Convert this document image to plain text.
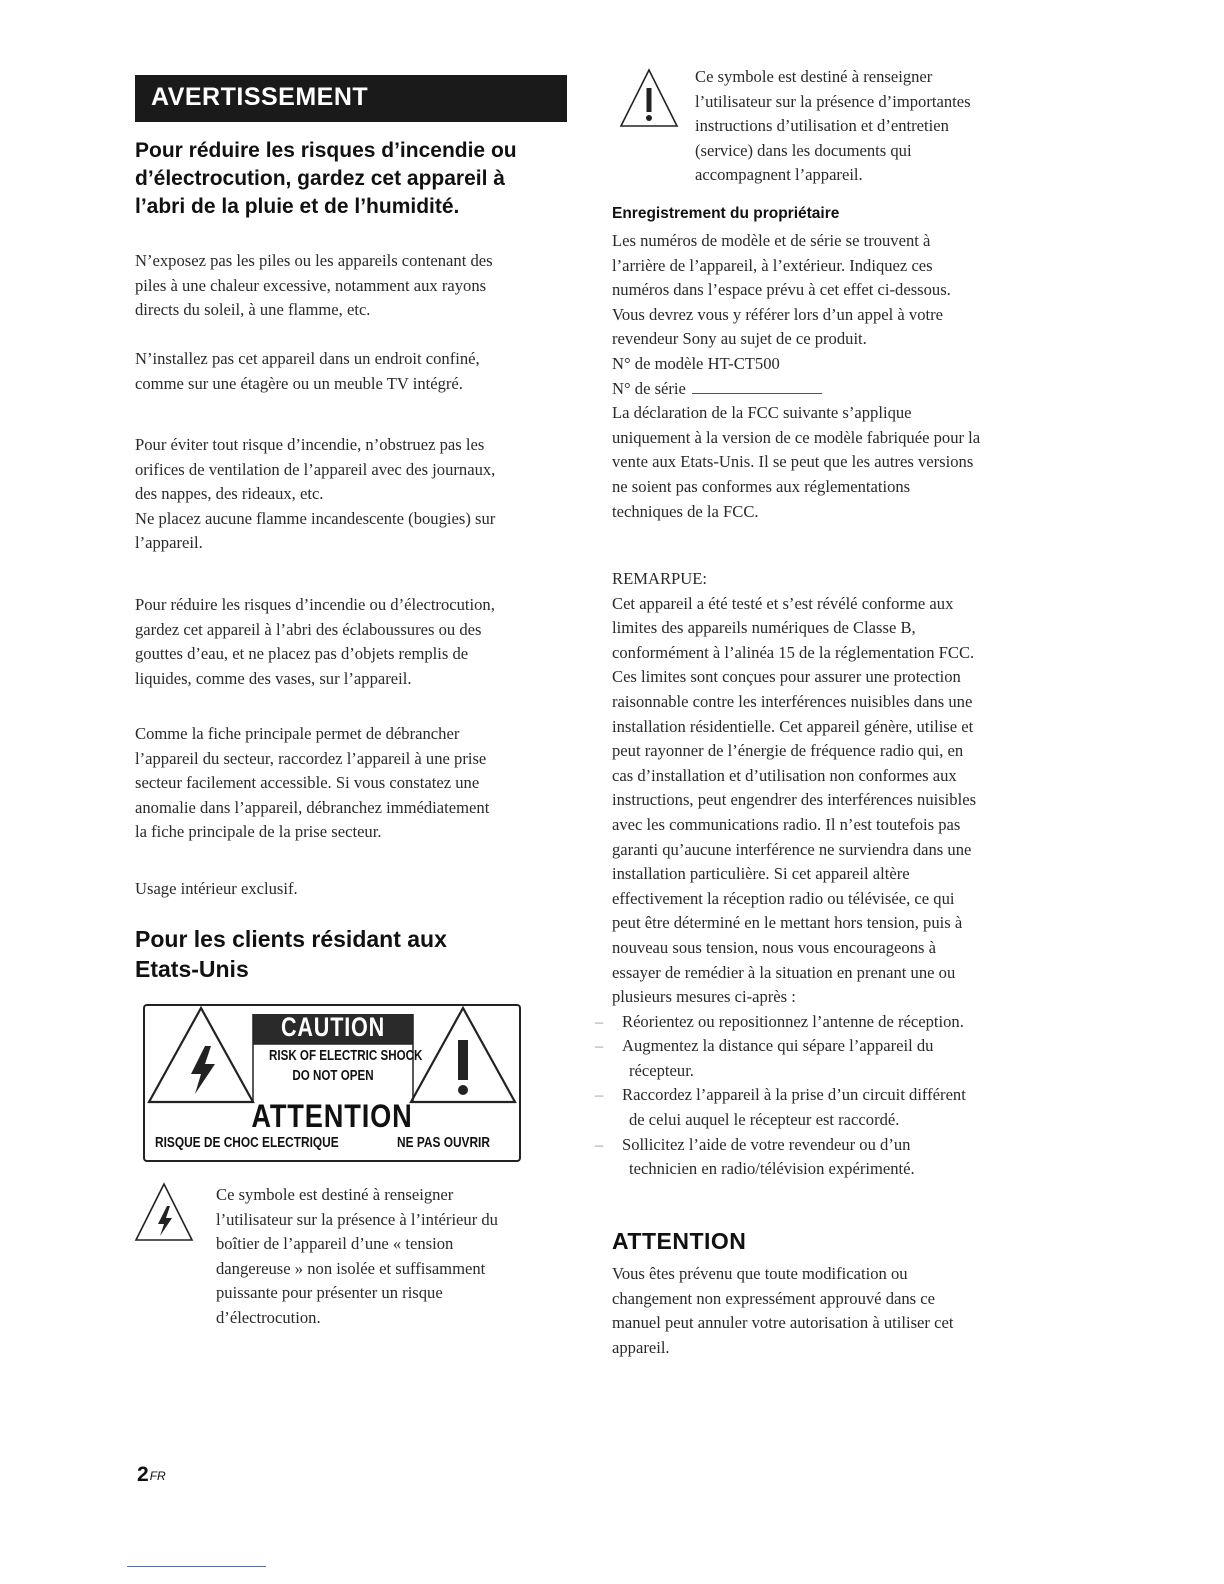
AVERTISSEMENT
Pour réduire les risques d’incendie ou
d’électrocution, gardez cet appareil à
l’abri de la pluie et de l’humidité.
N’exposez pas les piles ou les appareils contenant des
piles à une chaleur excessive, notamment aux rayons
directs du soleil, à une flamme, etc.
N’installez pas cet appareil dans un endroit confiné,
comme sur une étagère ou un meuble TV intégré.
Pour éviter tout risque d’incendie, n’obstruez pas les
orifices de ventilation de l’appareil avec des journaux,
des nappes, des rideaux, etc.
Ne placez aucune flamme incandescente (bougies) sur
l’appareil.
Pour réduire les risques d’incendie ou d’électrocution,
gardez cet appareil à l’abri des éclaboussures ou des
gouttes d’eau, et ne placez pas d’objets remplis de
liquides, comme des vases, sur l’appareil.
Comme la fiche principale permet de débrancher
l’appareil du secteur, raccordez l’appareil à une prise
secteur facilement accessible. Si vous constatez une
anomalie dans l’appareil, débranchez immédiatement
la fiche principale de la prise secteur.
Usage intérieur exclusif.
Pour les clients résidant aux
Etats-Unis
CAUTION
RISK OF ELECTRIC SHOCK
DO NOT OPEN
ATTENTION
RISQUE DE CHOC ELECTRIQUE	NE PAS OUVRIR
Ce symbole est destiné à renseigner
l’utilisateur sur la présence à l’intérieur du
boîtier de l’appareil d’une « tension
dangereuse » non isolée et suffisamment
puissante pour présenter un risque
d’électrocution.
Ce symbole est destiné à renseigner
l’utilisateur sur la présence d’importantes
instructions d’utilisation et d’entretien
(service) dans les documents qui
accompagnent l’appareil.
Enregistrement du propriétaire
Les numéros de modèle et de série se trouvent à
l’arrière de l’appareil, à l’extérieur. Indiquez ces
numéros dans l’espace prévu à cet effet ci-dessous.
Vous devrez vous y référer lors d’un appel à votre
revendeur Sony au sujet de ce produit.
N° de modèle HT-CT500
N° de série
La déclaration de la FCC suivante s’applique
uniquement à la version de ce modèle fabriquée pour la
vente aux Etats-Unis. Il se peut que les autres versions
ne soient pas conformes aux réglementations
techniques de la FCC.
REMARPUE:
Cet appareil a été testé et s’est révélé conforme aux
limites des appareils numériques de Classe B,
conformément à l’alinéa 15 de la réglementation FCC.
Ces limites sont conçues pour assurer une protection
raisonnable contre les interférences nuisibles dans une
installation résidentielle. Cet appareil génère, utilise et
peut rayonner de l’énergie de fréquence radio qui, en
cas d’installation et d’utilisation non conformes aux
instructions, peut engendrer des interférences nuisibles
avec les communications radio. Il n’est toutefois pas
garanti qu’aucune interférence ne surviendra dans une
installation particulière. Si cet appareil altère
effectivement la réception radio ou télévisée, ce qui
peut être déterminé en le mettant hors tension, puis à
nouveau sous tension, nous vous encourageons à
essayer de remédier à la situation en prenant une ou
plusieurs mesures ci-après :
– Réorientez ou repositionnez l’antenne de réception.
– Augmentez la distance qui sépare l’appareil du
récepteur.
– Raccordez l’appareil à la prise d’un circuit différent
de celui auquel le récepteur est raccordé.
– Sollicitez l’aide de votre revendeur ou d’un
technicien en radio/télévision expérimenté.
ATTENTION
Vous êtes prévenu que toute modification ou
changement non expressément approuvé dans ce
manuel peut annuler votre autorisation à utiliser cet
appareil.
$2_{FR}$
